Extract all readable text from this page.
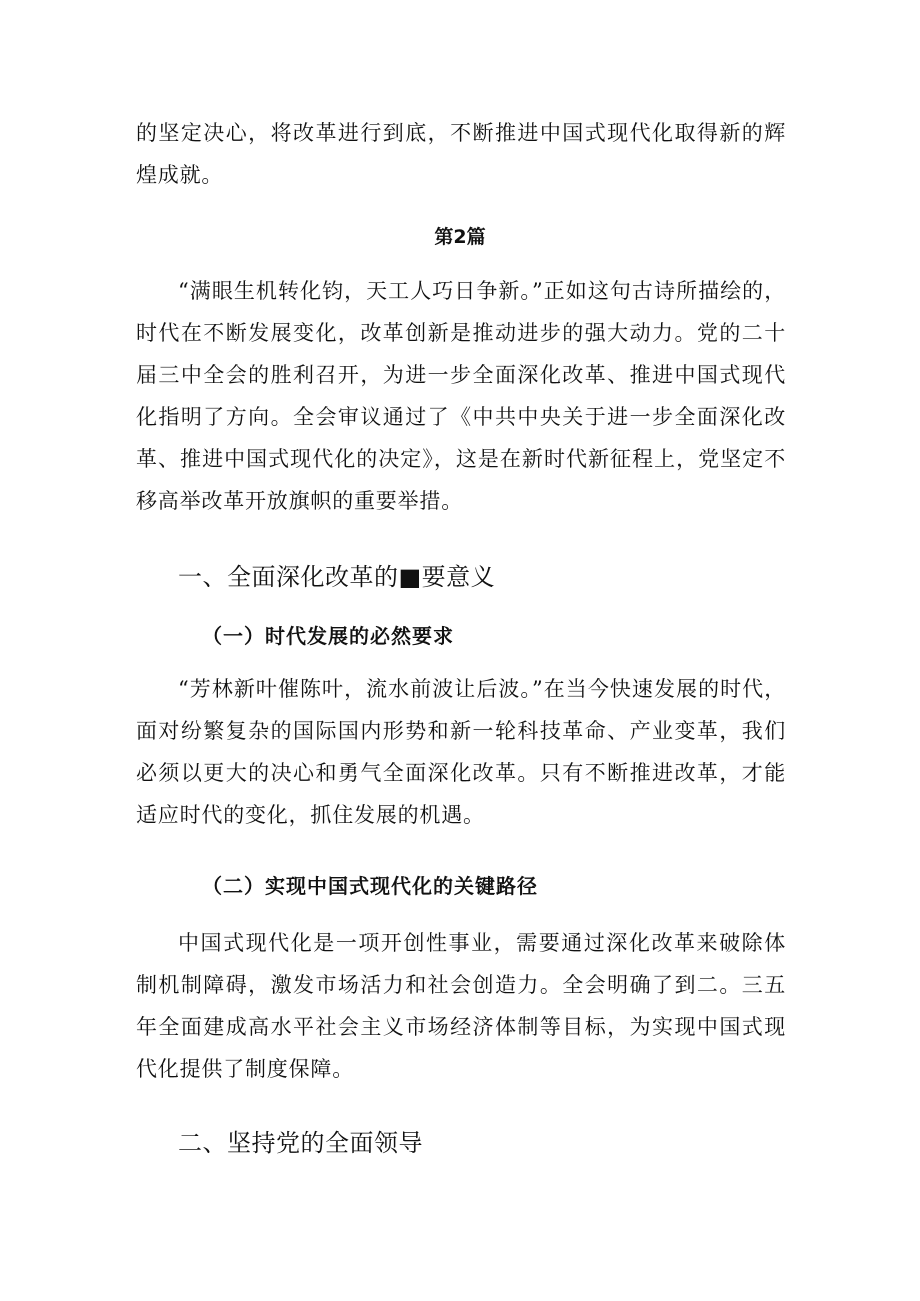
的坚定决心，将改革进行到底，不断推进中国式现代化取得新的辉煌成就。

第2篇

“满眼生机转化钧，天工人巧日争新。”正如这句古诗所描绘的，时代在不断发展变化，改革创新是推动进步的强大动力。党的二十届三中全会的胜利召开，为进一步全面深化改革、推进中国式现代化指明了方向。全会审议通过了《中共中央关于进一步全面深化改革、推进中国式现代化的决定》，这是在新时代新征程上，党坚定不移高举改革开放旗帜的重要举措。

一、全面深化改革的■要意义
（一）时代发展的必然要求

“芳林新叶催陈叶，流水前波让后波。”在当今快速发展的时代，面对纷繁复杂的国际国内形势和新一轮科技革命、产业变革，我们必须以更大的决心和勇气全面深化改革。只有不断推进改革，才能适应时代的变化，抓住发展的机遇。

（二）实现中国式现代化的关键路径

中国式现代化是一项开创性事业，需要通过深化改革来破除体制机制障碍，激发市场活力和社会创造力。全会明确了到二。三五年全面建成高水平社会主义市场经济体制等目标，为实现中国式现代化提供了制度保障。

二、坚持党的全面领导
